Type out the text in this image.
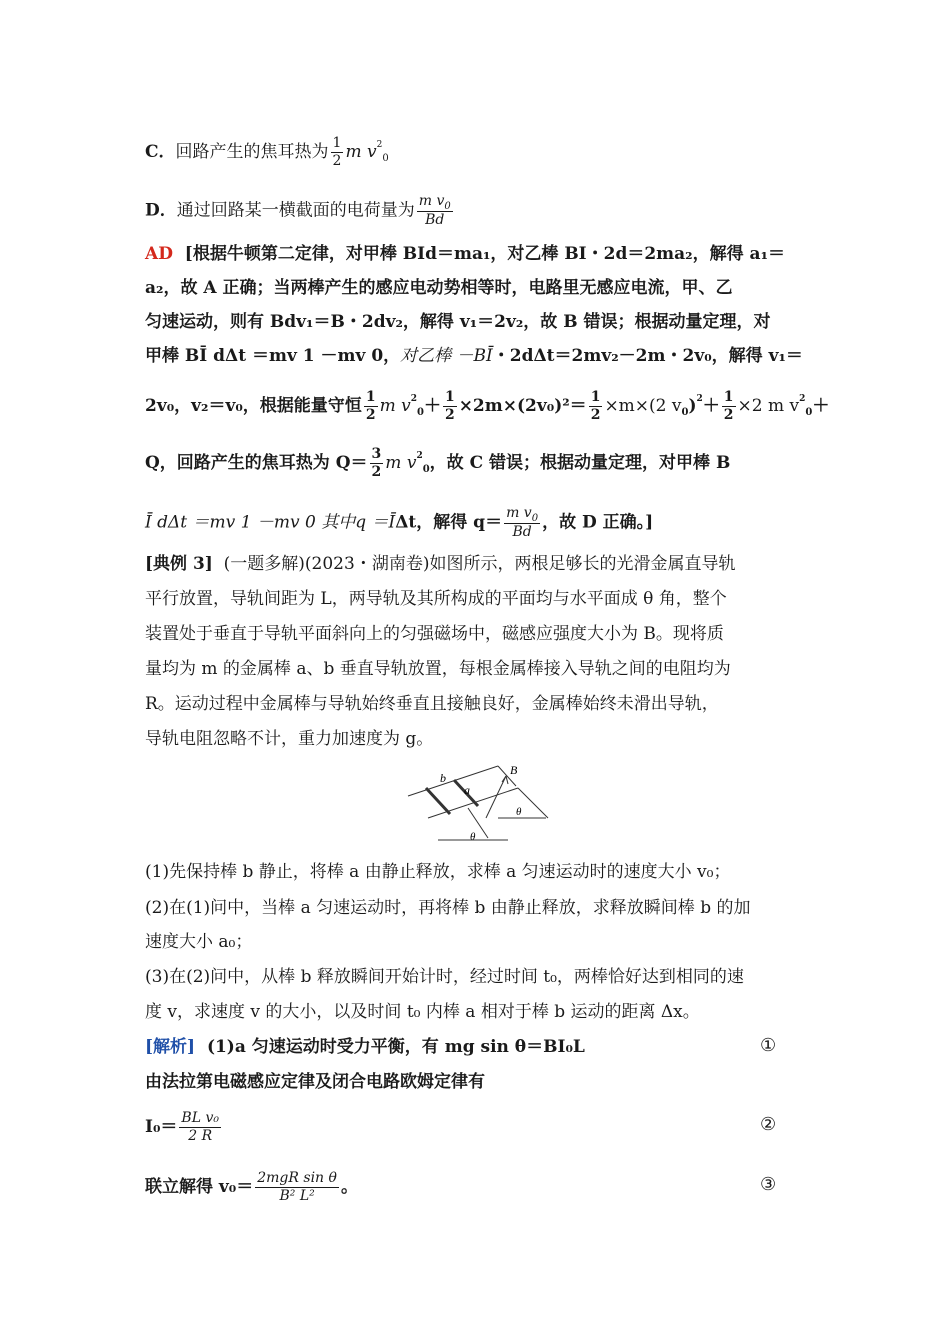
C．回路产生的焦耳热为 $\frac{1}{2}$ m $v^2_0$
D．通过回路某一横截面的电荷量为 $\frac{m v_0}{Bd}$
AD [根据牛顿第二定律，对甲棒 BId＝ma₁，对乙棒 BI・2d＝2ma₂，解得 a₁＝
a₂，故 A 正确；当两棒产生的感应电动势相等时，电路里无感应电流，甲、乙
匀速运动，则有 Bdv₁＝B・2dv₂，解得 v₁＝2v₂，故 B 错误；根据动量定理，对
甲棒 BĪ dΔt ＝mv 1 －mv 0，对乙棒 －BĪ・2dΔt＝2mv₂－2m・2v₀，解得 v₁＝
2v₀，v₂＝v₀，根据能量守恒 $\frac{1}{2}$ m $v^2_0+ \frac{1}{2} \times 2m\times(2v_0)^2= \frac{1}{2} \times m\times(2$ $v_0)^2+ \frac{1}{2} \times 2$ m $v^2_0+$
Q，回路产生的焦耳热为 $Q= \frac{3}{2}$ m $v^2_0$，故 C 错误；根据动量定理，对甲棒 B
Ī dΔt ＝mv 1 －mv 0 其中q ＝ĪΔt，解得 $q= \frac{m v_0}{Bd}$ ，故 D 正确。]
[典例 3] (一题多解)(2023・湖南卷)如图所示，两根足够长的光滑金属直导轨
平行放置，导轨间距为 L，两导轨及其所构成的平面均与水平面成 θ 角，整个
装置处于垂直于导轨平面斜向上的匀强磁场中，磁感应强度大小为 B。现将质
量均为 m 的金属棒 a、b 垂直导轨放置，每根金属棒接入导轨之间的电阻均为
R。运动过程中金属棒与导轨始终垂直且接触良好，金属棒始终未滑出导轨，
导轨电阻忽略不计，重力加速度为 g。
b
a
B
θ
θ
(1)先保持棒 b 静止，将棒 a 由静止释放，求棒 a 匀速运动时的速度大小 v₀；
(2)在(1)问中，当棒 a 匀速运动时，再将棒 b 由静止释放，求释放瞬间棒 b 的加
速度大小 a₀；
(3)在(2)问中，从棒 b 释放瞬间开始计时，经过时间 t₀，两棒恰好达到相同的速
度 v，求速度 v 的大小，以及时间 t₀ 内棒 a 相对于棒 b 运动的距离 Δx。
[解析] (1)a 匀速运动时受力平衡，有 mg sin θ＝BI₀L	①
由法拉第电磁感应定律及闭合电路欧姆定律有
$I_0= \frac{\text{BL v₀}}{2 R}$	②
联立解得 $v_0= \frac{\text{2mgR sin θ}}{\text{B² L²}}$ 。	③
